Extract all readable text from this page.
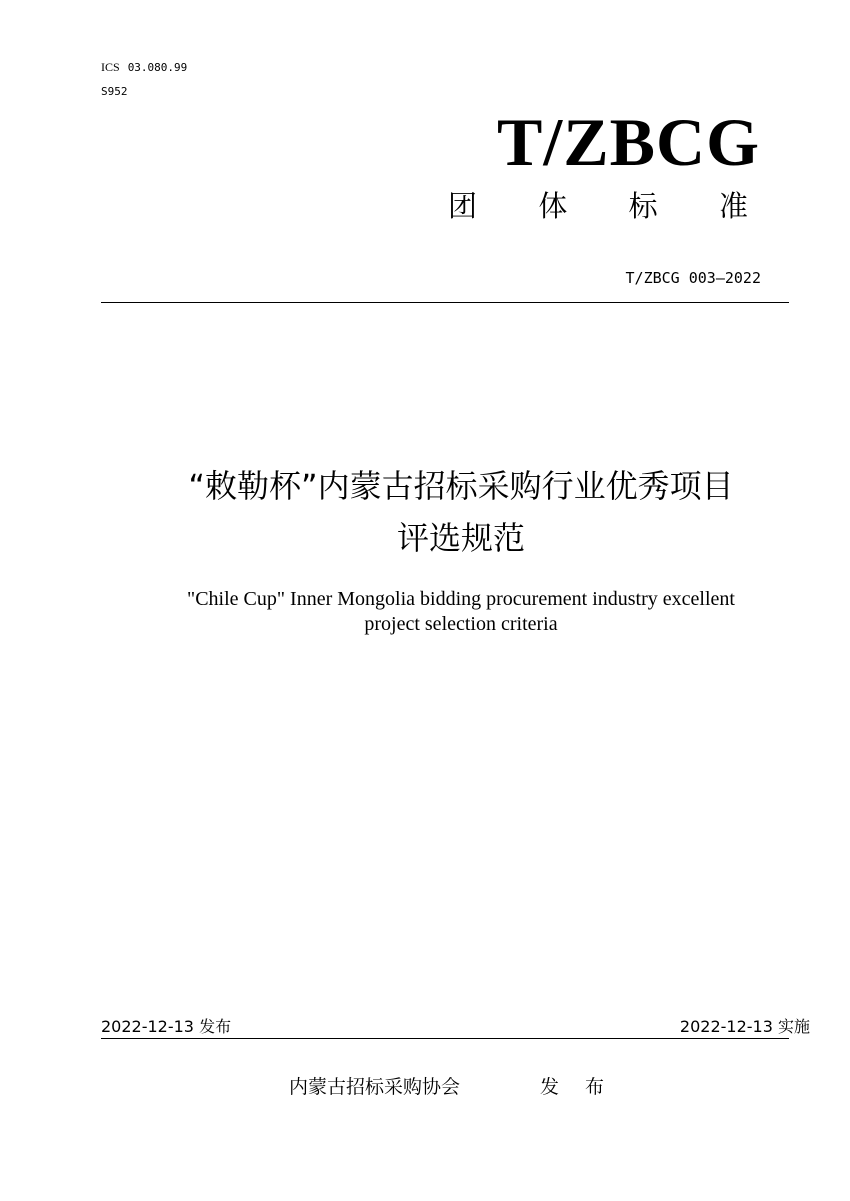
ICS 03.080.99
S952
T/ZBCG
团 体 标 准
T/ZBCG 003—2022
“敕勒杯”内蒙古招标采购行业优秀项目
评选规范
"Chile Cup" Inner Mongolia bidding procurement industry excellent
project selection criteria
2022-12-13 发布	2022-12-13 实施
内蒙古招标采购协会	发 布
